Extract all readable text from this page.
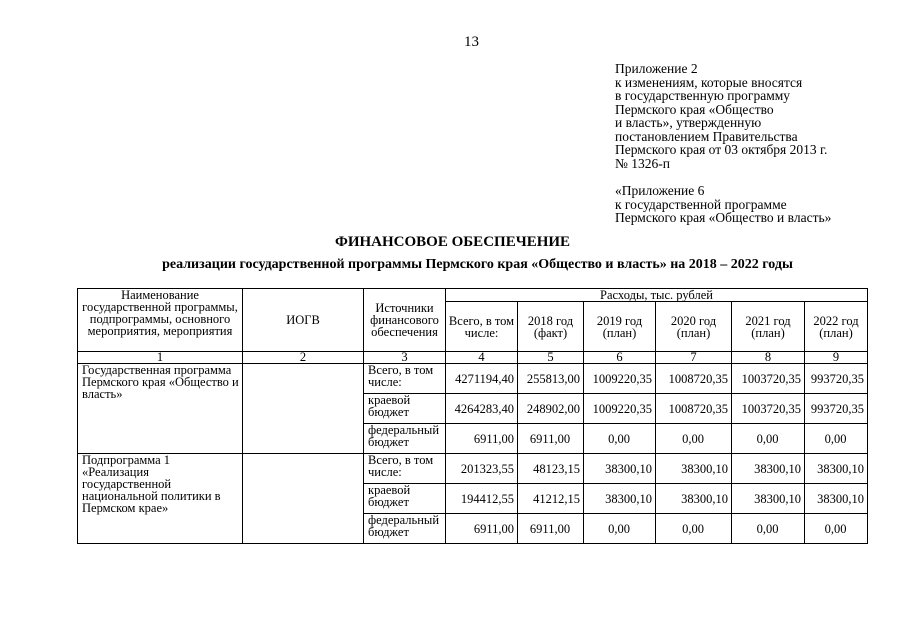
13
Приложение 2
к изменениям, которые вносятся
в государственную программу
Пермского края «Общество
и власть», утвержденную
постановлением Правительства
Пермского края от 03 октября 2013 г.
№ 1326-п
«Приложение 6
к государственной программе
Пермского края «Общество и власть»
ФИНАНСОВОЕ ОБЕСПЕЧЕНИЕ
реализации государственной программы Пермского края «Общество и власть» на 2018 – 2022 годы
Наименование государственной программы, подпрограммы, основного мероприятия, мероприятия	ИОГВ	Источники финансового обеспечения	Расходы, тыс. рублей					
			Всего, в том числе:	2018 год (факт)	2019 год (план)	2020 год (план)	2021 год (план)	2022 год (план)
1	2	3	4	5	6	7	8	9
Государственная программа Пермского края «Общество и власть»		Всего, в том числе:	4271194,40	255813,00	1009220,35	1008720,35	1003720,35	993720,35
		краевой бюджет	4264283,40	248902,00	1009220,35	1008720,35	1003720,35	993720,35
		федеральный бюджет	6911,00	6911,00	0,00	0,00	0,00	0,00
Подпрограмма 1 «Реализация государственной национальной политики в Пермском крае»		Всего, в том числе:	201323,55	48123,15	38300,10	38300,10	38300,10	38300,10
		краевой бюджет	194412,55	41212,15	38300,10	38300,10	38300,10	38300,10
		федеральный бюджет	6911,00	6911,00	0,00	0,00	0,00	0,00
